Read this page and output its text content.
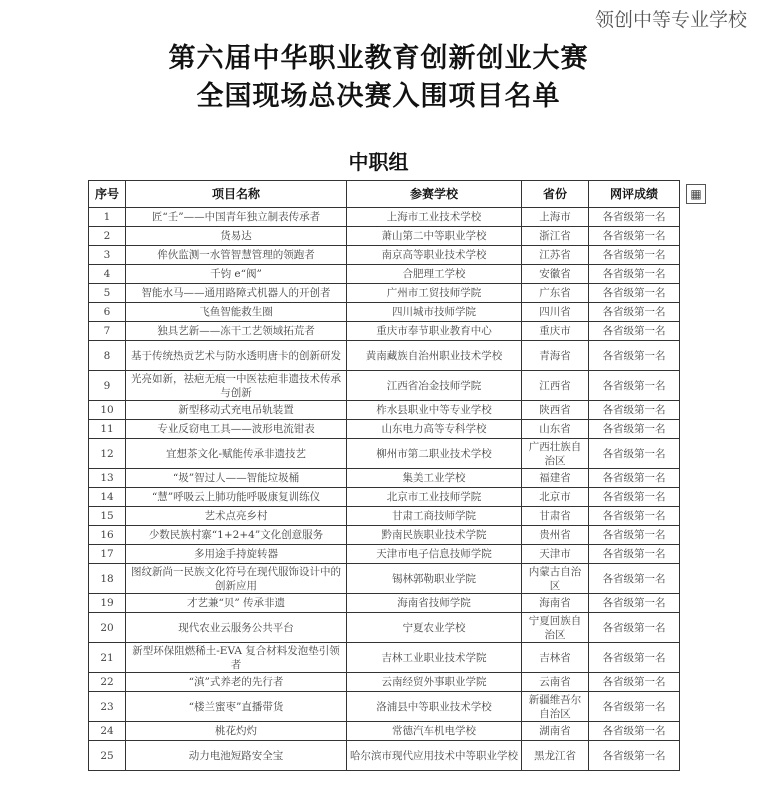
第六届中华职业教育创新创业大赛
全国现场总决赛入围项目名单
中职组
序号	项目名称	参赛学校	省份	网评成绩
1	匠“壬”——中国青年独立制表传承者	上海市工业技术学校	上海市	各省级第一名
2	货易达	萧山第二中等职业学校	浙江省	各省级第一名
3	侔伙监测一水管智慧管理的领跑者	南京高等职业技术学校	江苏省	各省级第一名
4	千钧 e“阀”	合肥理工学校	安徽省	各省级第一名
5	智能水马——通用路障式机器人的开创者	广州市工贸技师学院	广东省	各省级第一名
6	飞鱼智能救生圈	四川城市技师学院	四川省	各省级第一名
7	独具艺新——冻干工艺领域拓荒者	重庆市奉节职业教育中心	重庆市	各省级第一名
8	基于传统热贡艺术与防水透明唐卡的创新研发	黄南藏族自治州职业技术学校	青海省	各省级第一名
9	光亮如新，祛疤无痕一中医祛疤非遗技术传承与创新	江西省冶金技师学院	江西省	各省级第一名
10	新型移动式充电吊轨装置	柞水县职业中等专业学校	陕西省	各省级第一名
11	专业反窃电工具——波形电流钳表	山东电力高等专科学校	山东省	各省级第一名
12	宜想茶文化-赋能传承非遗技艺	柳州市第二职业技术学校	广西壮族自治区	各省级第一名
13	“圾”智过人——智能垃圾桶	集美工业学校	福建省	各省级第一名
14	“慧”呼吸云上肺功能呼吸康复训练仪	北京市工业技师学院	北京市	各省级第一名
15	艺术点亮乡村	甘肃工商技师学院	甘肃省	各省级第一名
16	少数民族村寨“1+2+4”文化创意服务	黔南民族职业技术学院	贵州省	各省级第一名
17	多用途手持旋转器	天津市电子信息技师学院	天津市	各省级第一名
18	图纹新尚一民族文化符号在现代服饰设计中的创新应用	锡林郭勒职业学院	内蒙古自治区	各省级第一名
19	才艺兼“贝” 传承非遗	海南省技师学院	海南省	各省级第一名
20	现代农业云服务公共平台	宁夏农业学校	宁夏回族自治区	各省级第一名
21	新型环保阻燃稀土-EVA 复合材料发泡垫引领者	吉林工业职业技术学院	吉林省	各省级第一名
22	“滇”式养老的先行者	云南经贸外事职业学院	云南省	各省级第一名
23	“楼兰蜜枣”直播带货	洛浦县中等职业技术学校	新疆维吾尔自治区	各省级第一名
24	桃花灼灼	常德汽车机电学校	湖南省	各省级第一名
25	动力电池短路安全宝	哈尔滨市现代应用技术中等职业学校	黑龙江省	各省级第一名
▦
领创中等专业学校
